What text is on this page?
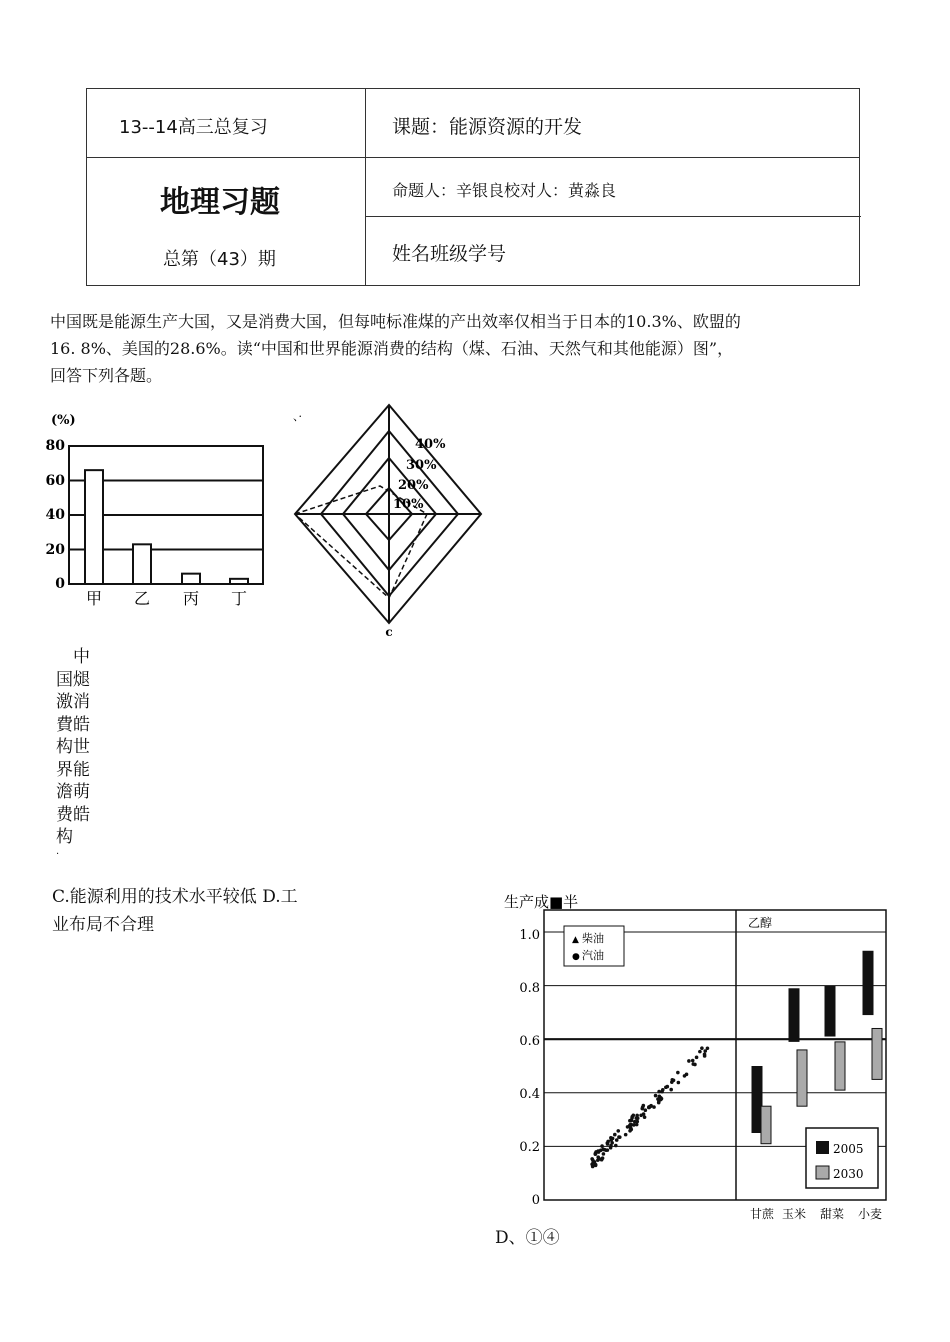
13--14高三总复习
地理习题
总第（43）期
课题：能源资源的开发
命题人：辛银良校对人：黄淼良
姓名班级学号
中国既是能源生产大国，又是消费大国，但每吨标准煤的产出效率仅相当于日本的10.3%、欧盟的
16. 8%、美国的28.6%。读“中国和世界能源消费的结构（煤、石油、天然气和其他能源）图”，
回答下列各题。
(%)
80
60
40
20
0
甲 乙 丙 丁
、·
40%
30%
20%
10%
c
　中
国煺
激消
費皓
构世
界能
澹萌
费皓
构
·
C.能源利用的技术水平较低 D.工
业布局不合理
D、①④
生产成■半
1.0
0.8
0.6
0.4
0.2
0
乙醇
▲ 柴油
● 汽油
2005
2030
甘蔗 玉米 甜菜 小麦
